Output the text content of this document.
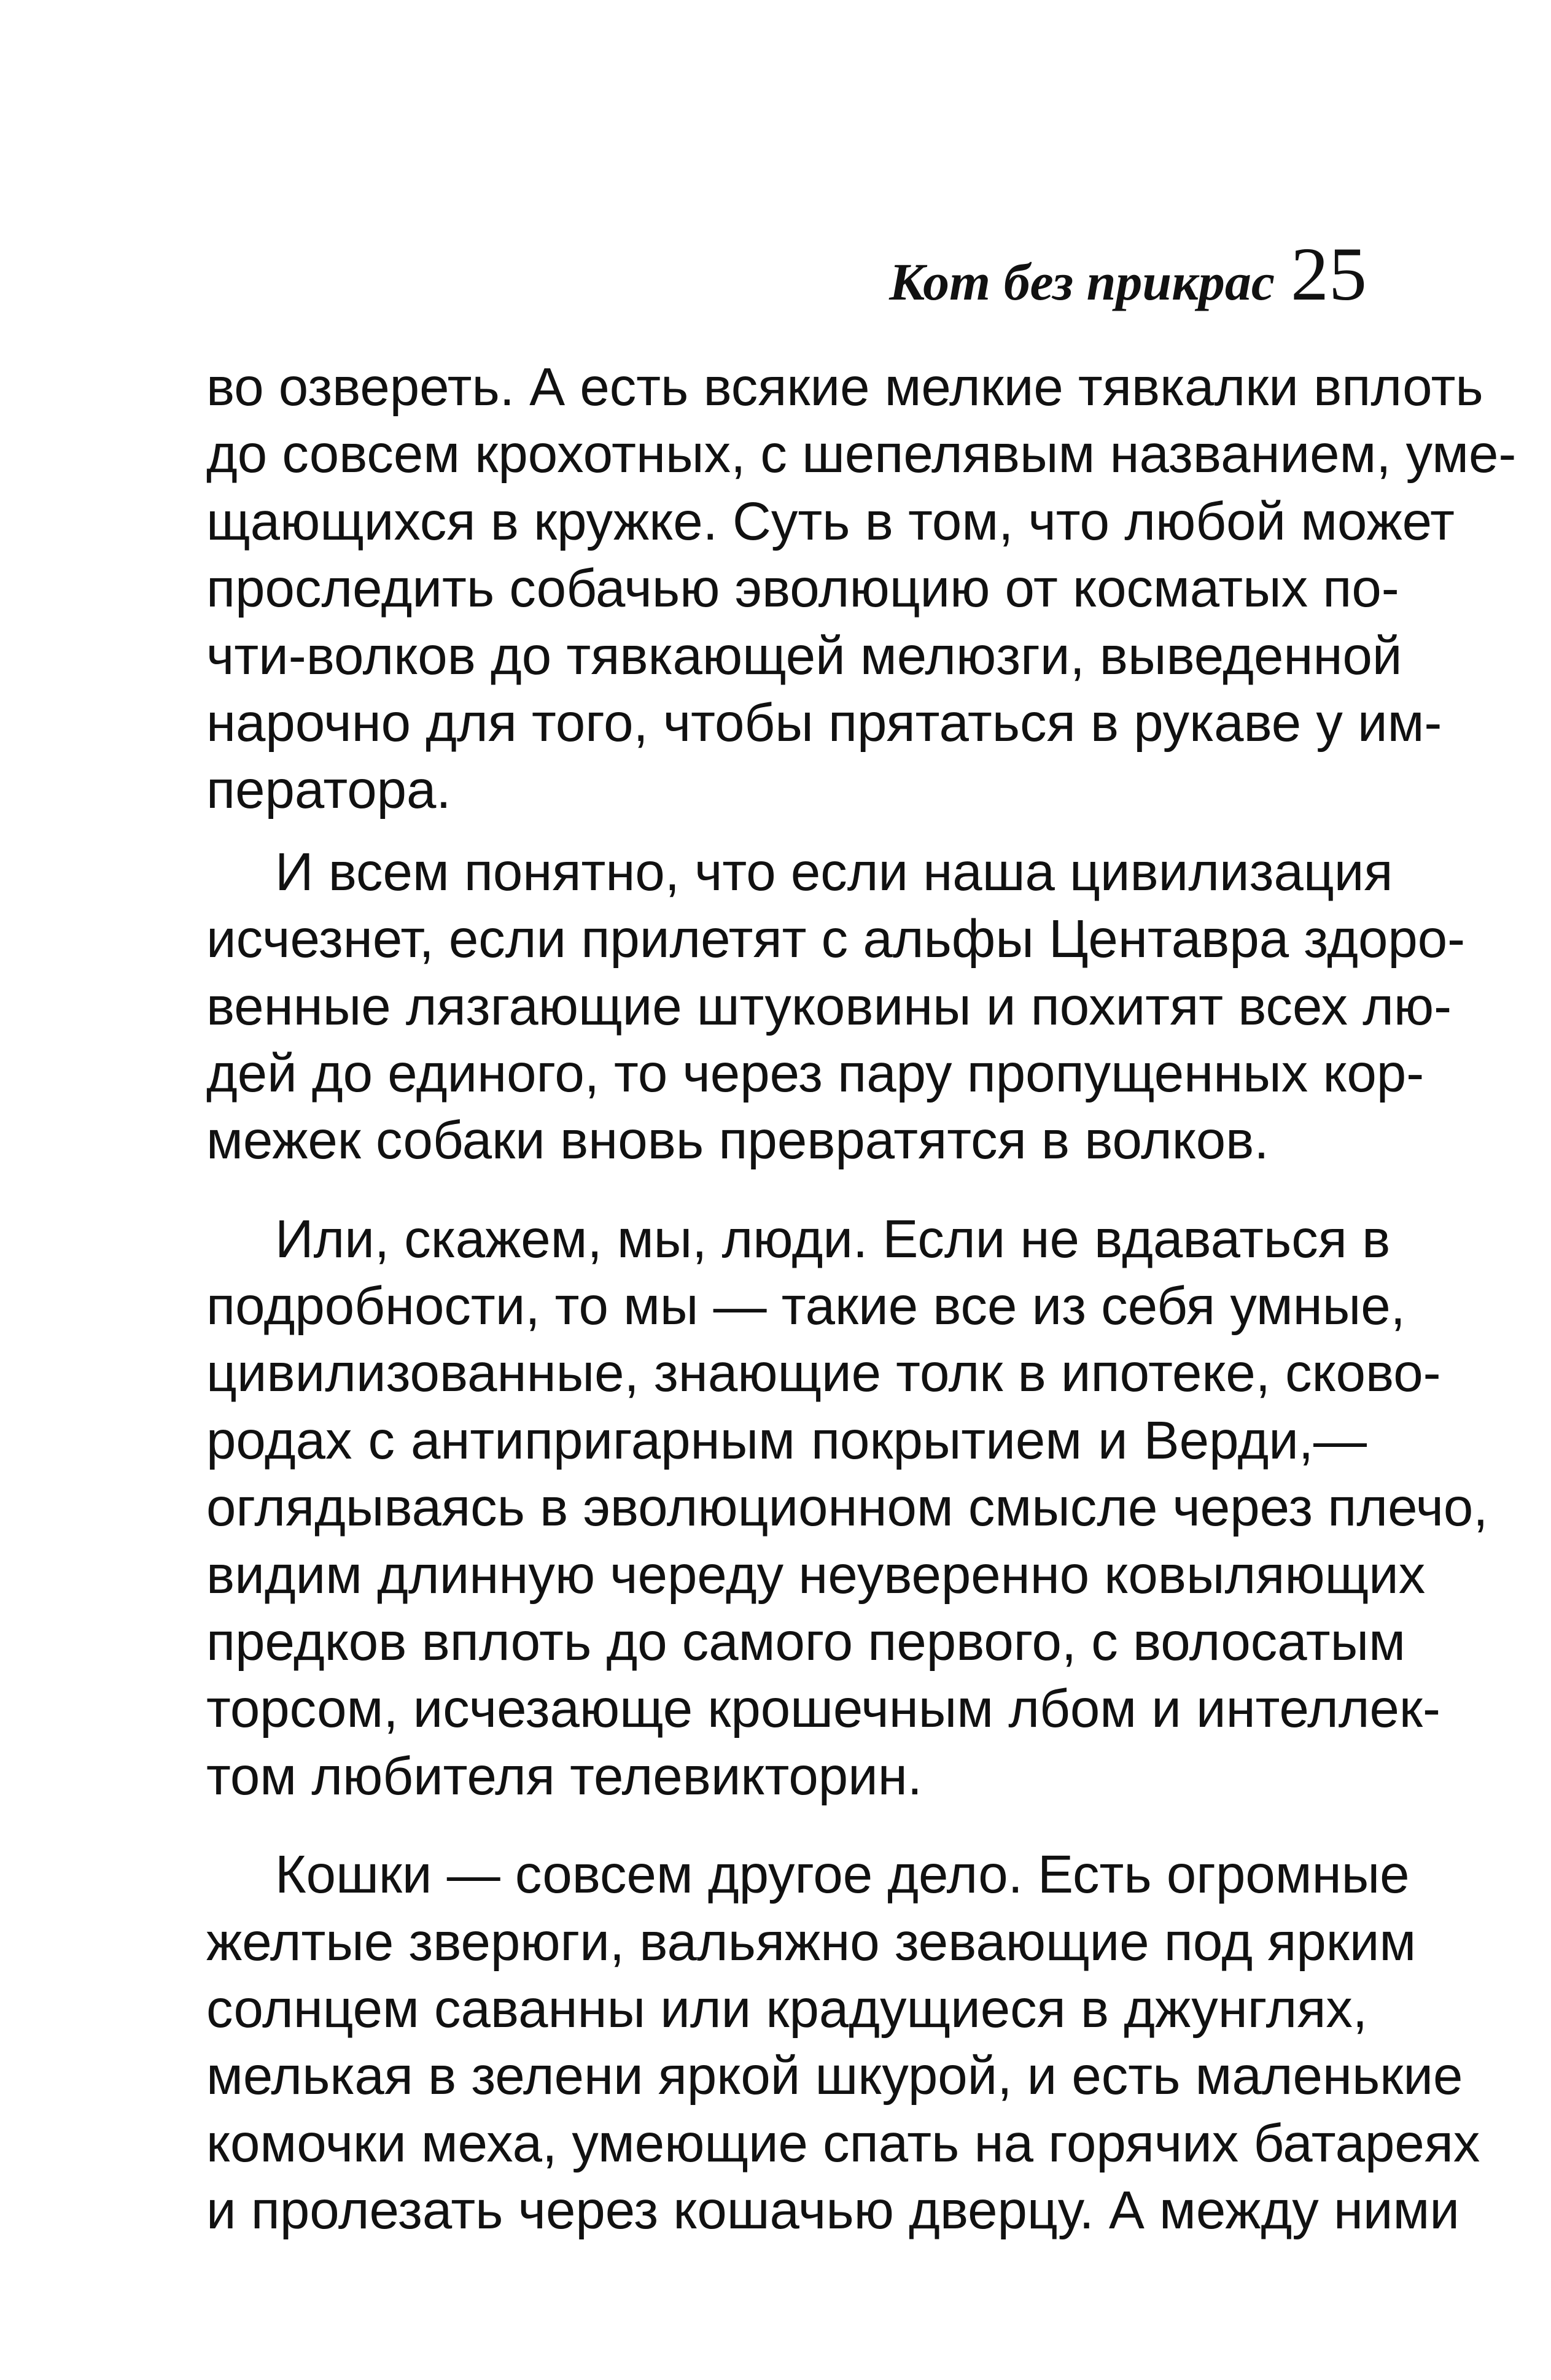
Кот без прикрас 25
во озвереть. А есть всякие мелкие тявкалки вплоть
до совсем крохотных, с шепелявым названием, уме-
щающихся в кружке. Суть в том, что любой может
проследить собачью эволюцию от косматых по-
чти-волков до тявкающей мелюзги, выведенной
нарочно для того, чтобы прятаться в рукаве у им-
ператора.
И всем понятно, что если наша цивилизация
исчезнет, если прилетят с альфы Центавра здоро-
венные лязгающие штуковины и похитят всех лю-
дей до единого, то через пару пропущенных кор-
межек собаки вновь превратятся в волков.
Или, скажем, мы, люди. Если не вдаваться в
подробности, то мы — такие все из себя умные,
цивилизованные, знающие толк в ипотеке, сково-
родах с антипригарным покрытием и Верди,—
оглядываясь в эволюционном смысле через плечо,
видим длинную череду неуверенно ковыляющих
предков вплоть до самого первого, с волосатым
торсом, исчезающе крошечным лбом и интеллек-
том любителя телевикторин.
Кошки — совсем другое дело. Есть огромные
желтые зверюги, вальяжно зевающие под ярким
солнцем саванны или крадущиеся в джунглях,
мелькая в зелени яркой шкурой, и есть маленькие
комочки меха, умеющие спать на горячих батареях
и пролезать через кошачью дверцу. А между ними
